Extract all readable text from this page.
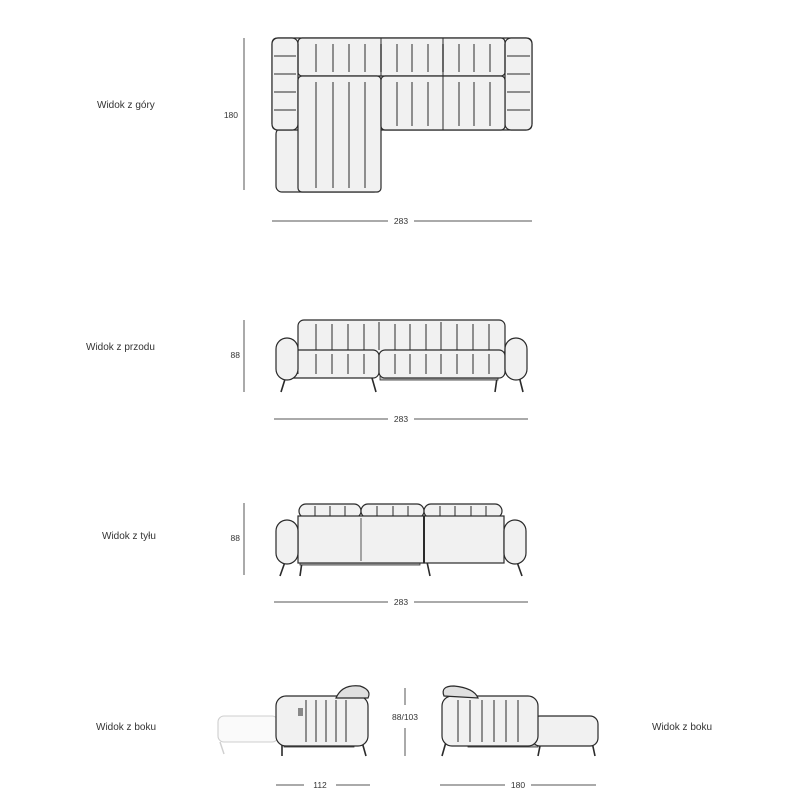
Widok z góry
Widok z przodu
Widok z tyłu
Widok z boku	Widok z boku
180
283
88
283
88
283
112
88/103
180
